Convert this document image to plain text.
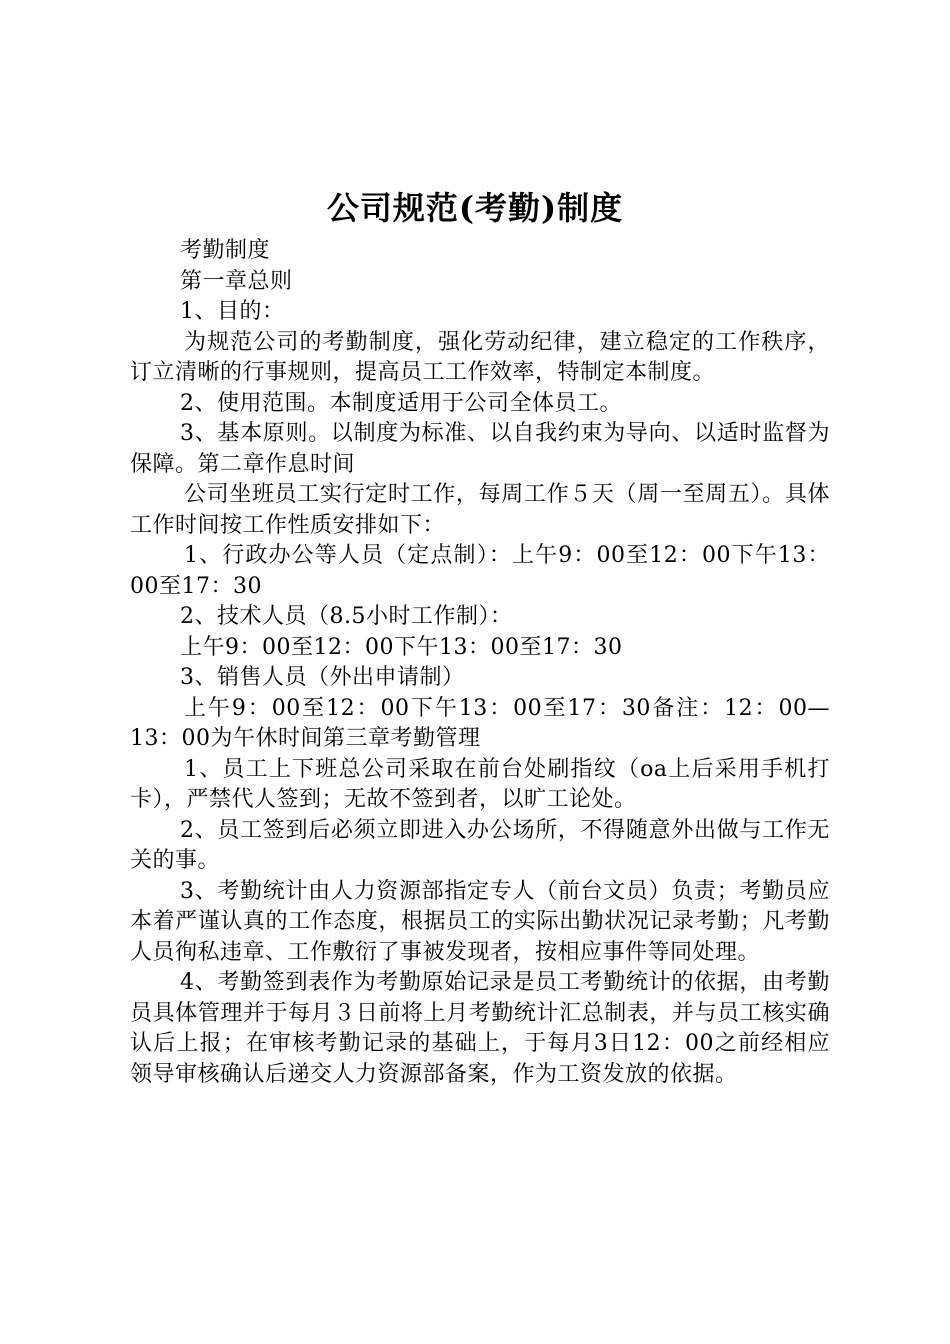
公司规范(考勤)制度

考勤制度

第一章总则

1、目的：

为规范公司的考勤制度，强化劳动纪律，建立稳定的工作秩序，订立清晰的行事规则，提高员工工作效率，特制定本制度。

2、使用范围。本制度适用于公司全体员工。

3、基本原则。以制度为标准、以自我约束为导向、以适时监督为保障。第二章作息时间

公司坐班员工实行定时工作，每周工作５天（周一至周五）。具体工作时间按工作性质安排如下：

1、行政办公等人员（定点制）：上午9：00至12：00下午13：00至17：30

2、技术人员（8.5小时工作制）：

上午9：00至12：00下午13：00至17：30

3、销售人员（外出申请制）

上午9：00至12：00下午13：00至17：30备注：12：00—13：00为午休时间第三章考勤管理

1、员工上下班总公司采取在前台处刷指纹（oa上后采用手机打卡），严禁代人签到；无故不签到者，以旷工论处。

2、员工签到后必须立即进入办公场所，不得随意外出做与工作无关的事。

3、考勤统计由人力资源部指定专人（前台文员）负责；考勤员应本着严谨认真的工作态度，根据员工的实际出勤状况记录考勤；凡考勤人员徇私违章、工作敷衍了事被发现者，按相应事件等同处理。

4、考勤签到表作为考勤原始记录是员工考勤统计的依据，由考勤员具体管理并于每月３日前将上月考勤统计汇总制表，并与员工核实确认后上报；在审核考勤记录的基础上，于每月3日12：00之前经相应领导审核确认后递交人力资源部备案，作为工资发放的依据。
